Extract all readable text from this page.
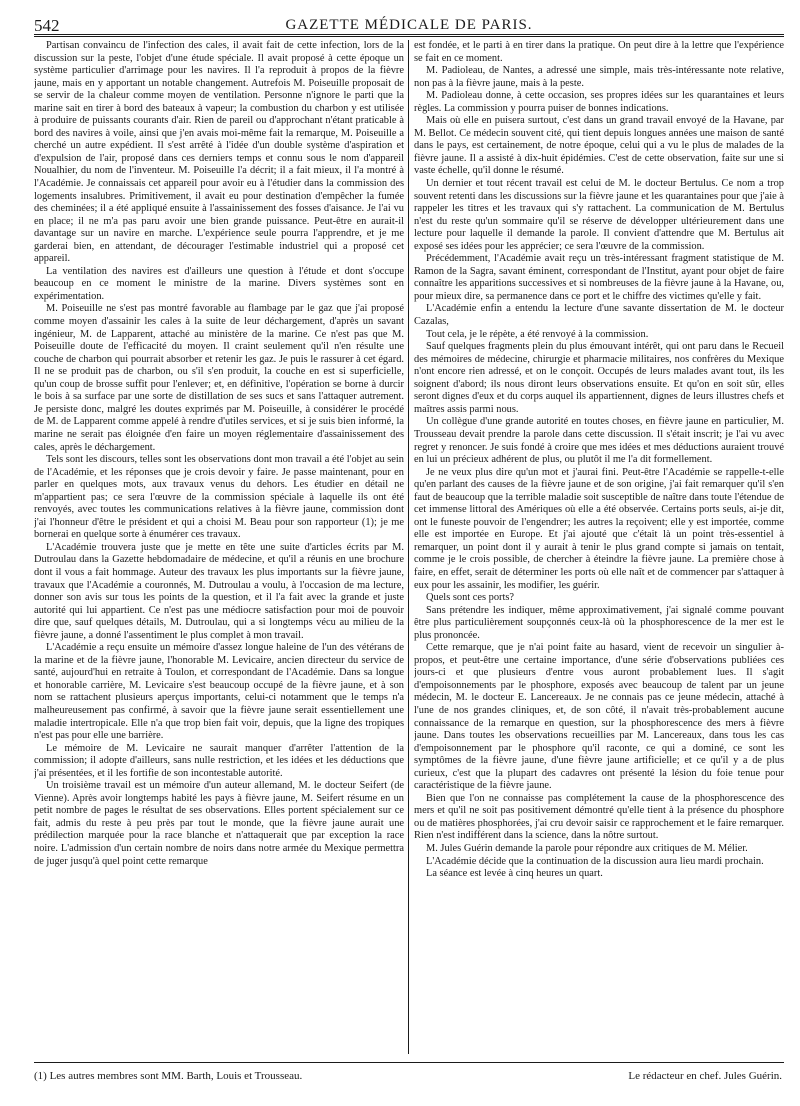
542	GAZETTE MÉDICALE DE PARIS.

Partisan convaincu de l'infection des cales, il avait fait de cette infection, lors de la discussion sur la peste, l'objet d'une étude spéciale. Il avait proposé à cette époque un système particulier d'arrimage pour les navires. Il l'a reproduit à propos de la fièvre jaune, mais en y apportant un notable changement. Autrefois M. Poiseuille proposait de se servir de la chaleur comme moyen de ventilation. Personne n'ignore le parti que la marine sait en tirer à bord des bateaux à vapeur; la combustion du charbon y est utilisée à produire de puissants courants d'air. Rien de pareil ou d'approchant n'étant praticable à bord des navires à voile, ainsi que j'en avais moi-même fait la remarque, M. Poiseuille a cherché un autre expédient. Il s'est arrêté à l'idée d'un double système d'aspiration et d'expulsion de l'air, proposé dans ces derniers temps et connu sous le nom d'appareil Noualhier, du nom de l'inventeur. M. Poiseuille l'a décrit; il a fait mieux, il l'a montré à l'Académie. Je connaissais cet appareil pour avoir eu à l'étudier dans la commission des logements insalubres. Primitivement, il avait eu pour destination d'empêcher la fumée des cheminées; il a été appliqué ensuite à l'assainissement des fosses d'aisance. Je l'ai vu en place; il ne m'a pas paru avoir une bien grande puissance. Peut-être en aurait-il davantage sur un navire en marche. L'expérience seule pourra l'apprendre, et je me garderai bien, en attendant, de décourager l'estimable industriel qui a proposé cet appareil.

La ventilation des navires est d'ailleurs une question à l'étude et dont s'occupe beaucoup en ce moment le ministre de la marine. Divers systèmes sont en expérimentation.

M. Poiseuille ne s'est pas montré favorable au flambage par le gaz que j'ai proposé comme moyen d'assainir les cales à la suite de leur déchargement, d'après un savant ingénieur, M. de Lapparent, attaché au ministère de la marine. Ce n'est pas que M. Poiseuille doute de l'efficacité du moyen. Il craint seulement qu'il n'en résulte une couche de charbon qui pourrait absorber et retenir les gaz. Je puis le rassurer à cet égard. Il ne se produit pas de charbon, ou s'il s'en produit, la couche en est si superficielle, qu'un coup de brosse suffit pour l'enlever; et, en définitive, l'opération se borne à durcir le bois à sa surface par une sorte de distillation de ses sucs et sans l'attaquer autrement. Je persiste donc, malgré les doutes exprimés par M. Poiseuille, à considérer le procédé de M. de Lapparent comme appelé à rendre d'utiles services, et si je suis bien informé, la marine ne serait pas éloignée d'en faire un moyen réglementaire d'assainissement des cales, après le déchargement.

Tels sont les discours, telles sont les observations dont mon travail a été l'objet au sein de l'Académie, et les réponses que je crois devoir y faire. Je passe maintenant, pour en parler en quelques mots, aux travaux venus du dehors. Les étudier en détail ne m'appartient pas; ce sera l'œuvre de la commission spéciale à laquelle ils ont été renvoyés, avec toutes les communications relatives à la fièvre jaune, commission dont j'ai l'honneur d'être le président et qui a choisi M. Beau pour son rapporteur (1); je me bornerai en quelque sorte à énumérer ces travaux.

L'Académie trouvera juste que je mette en tête une suite d'articles écrits par M. Dutroulau dans la Gazette hebdomadaire de médecine, et qu'il a réunis en une brochure dont il vous a fait hommage. Auteur des travaux les plus importants sur la fièvre jaune, travaux que l'Académie a couronnés, M. Dutroulau a voulu, à l'occasion de ma lecture, donner son avis sur tous les points de la question, et il l'a fait avec la grande et juste autorité qui lui appartient. Ce n'est pas une médiocre satisfaction pour moi de pouvoir dire que, sauf quelques détails, M. Dutroulau, qui a si longtemps vécu au milieu de la fièvre jaune, a donné l'assentiment le plus complet à mon travail.

L'Académie a reçu ensuite un mémoire d'assez longue haleine de l'un des vétérans de la marine et de la fièvre jaune, l'honorable M. Levicaire, ancien directeur du service de santé, aujourd'hui en retraite à Toulon, et correspondant de l'Académie. Dans sa longue et honorable carrière, M. Levicaire s'est beaucoup occupé de la fièvre jaune, et à son nom se rattachent plusieurs aperçus importants, celui-ci notamment que le temps n'a malheureusement pas confirmé, à savoir que la fièvre jaune serait essentiellement une maladie intertropicale. Elle n'a que trop bien fait voir, depuis, que la ligne des tropiques n'est pas pour elle une barrière.

Le mémoire de M. Levicaire ne saurait manquer d'arrêter l'attention de la commission; il adopte d'ailleurs, sans nulle restriction, et les idées et les déductions que j'ai présentées, et il les fortifie de son incontestable autorité.

Un troisième travail est un mémoire d'un auteur allemand, M. le docteur Seifert (de Vienne). Après avoir longtemps habité les pays à fièvre jaune, M. Seifert résume en un petit nombre de pages le résultat de ses observations. Elles portent spécialement sur ce fait, admis du reste à peu près par tout le monde, que la fièvre jaune aurait une prédilection marquée pour la race blanche et n'attaquerait que par exception la race noire. L'admission d'un certain nombre de noirs dans notre armée du Mexique permettra de juger jusqu'à quel point cette remarque

est fondée, et le parti à en tirer dans la pratique. On peut dire à la lettre que l'expérience se fait en ce moment.

M. Padioleau, de Nantes, a adressé une simple, mais très-intéressante note relative, non pas à la fièvre jaune, mais à la peste.

M. Padioleau donne, à cette occasion, ses propres idées sur les quarantaines et leurs règles. La commission y pourra puiser de bonnes indications.

Mais où elle en puisera surtout, c'est dans un grand travail envoyé de la Havane, par M. Bellot. Ce médecin souvent cité, qui tient depuis longues années une maison de santé dans le pays, est certainement, de notre époque, celui qui a vu le plus de malades de la fièvre jaune. Il a assisté à dix-huit épidémies. C'est de cette observation, faite sur une si vaste échelle, qu'il donne le résumé.

Un dernier et tout récent travail est celui de M. le docteur Bertulus. Ce nom a trop souvent retenti dans les discussions sur la fièvre jaune et les quarantaines pour que j'aie à rappeler les titres et les travaux qui s'y rattachent. La communication de M. Bertulus n'est du reste qu'un sommaire qu'il se réserve de développer ultérieurement dans une lecture pour laquelle il demande la parole. Il convient d'attendre que M. Bertulus ait exposé ses idées pour les apprécier; ce sera l'œuvre de la commission.

Précédemment, l'Académie avait reçu un très-intéressant fragment statistique de M. Ramon de la Sagra, savant éminent, correspondant de l'Institut, ayant pour objet de faire connaître les apparitions successives et si nombreuses de la fièvre jaune à la Havane, ou, pour mieux dire, sa permanence dans ce port et le chiffre des victimes qu'elle y fait.

L'Académie enfin a entendu la lecture d'une savante dissertation de M. le docteur Cazalas,

Tout cela, je le répète, a été renvoyé à la commission.

Sauf quelques fragments plein du plus émouvant intérêt, qui ont paru dans le Recueil des mémoires de médecine, chirurgie et pharmacie militaires, nos confrères du Mexique n'ont encore rien adressé, et on le conçoit. Occupés de leurs malades avant tout, ils les soignent d'abord; ils nous diront leurs observations ensuite. Et qu'on en soit sûr, elles seront dignes d'eux et du corps auquel ils appartiennent, dignes de leurs illustres chefs et maîtres assis parmi nous.

Un collègue d'une grande autorité en toutes choses, en fièvre jaune en particulier, M. Trousseau devait prendre la parole dans cette discussion. Il s'était inscrit; je l'ai vu avec regret y renoncer. Je suis fondé à croire que mes idées et mes déductions auraient trouvé en lui un précieux adhérent de plus, ou plutôt il me l'a dit formellement.

Je ne veux plus dire qu'un mot et j'aurai fini. Peut-être l'Académie se rappelle-t-elle qu'en parlant des causes de la fièvre jaune et de son origine, j'ai fait remarquer qu'il s'en faut de beaucoup que la terrible maladie soit susceptible de naître dans toute l'étendue de cet immense littoral des Amériques où elle a été observée. Certains ports seuls, ai-je dit, ont le funeste pouvoir de l'engendrer; les autres la reçoivent; elle y est importée, comme elle est importée en Europe. Et j'ai ajouté que c'était là un point très-essentiel à remarquer, un point dont il y aurait à tenir le plus grand compte si jamais on tentait, comme je le crois possible, de chercher à éteindre la fièvre jaune. La première chose à faire, en effet, serait de déterminer les ports où elle naît et de commencer par s'attaquer à eux pour les assainir, les modifier, les guérir.

Quels sont ces ports?

Sans prétendre les indiquer, même approximativement, j'ai signalé comme pouvant être plus particulièrement soupçonnés ceux-là où la phosphorescence de la mer est le plus prononcée.

Cette remarque, que je n'ai point faite au hasard, vient de recevoir un singulier à-propos, et peut-être une certaine importance, d'une série d'observations publiées ces jours-ci et que plusieurs d'entre vous auront probablement lues. Il s'agit d'empoisonnements par le phosphore, exposés avec beaucoup de talent par un jeune médecin, M. le docteur E. Lancereaux. Je ne connais pas ce jeune médecin, attaché à l'une de nos grandes cliniques, et, de son côté, il n'avait très-probablement aucune connaissance de la remarque en question, sur la phosphorescence des mers à fièvre jaune. Dans toutes les observations recueillies par M. Lancereaux, dans tous les cas d'empoisonnement par le phosphore qu'il raconte, ce qui a dominé, ce sont les symptômes de la fièvre jaune, d'une fièvre jaune artificielle; et ce qu'il y a de plus curieux, c'est que la plupart des cadavres ont présenté la lésion du foie tenue pour caractéristique de la fièvre jaune.

Bien que l'on ne connaisse pas complétement la cause de la phosphorescence des mers et qu'il ne soit pas positivement démontré qu'elle tient à la présence du phosphore ou de matières phosphorées, j'ai cru devoir saisir ce rapprochement et le faire remarquer. Rien n'est indifférent dans la science, dans la nôtre surtout.

M. Jules Guérin demande la parole pour répondre aux critiques de M. Mélier.

L'Académie décide que la continuation de la discussion aura lieu mardi prochain.

La séance est levée à cinq heures un quart.

(1) Les autres membres sont MM. Barth, Louis et Trousseau.	Le rédacteur en chef. Jules Guérin.
